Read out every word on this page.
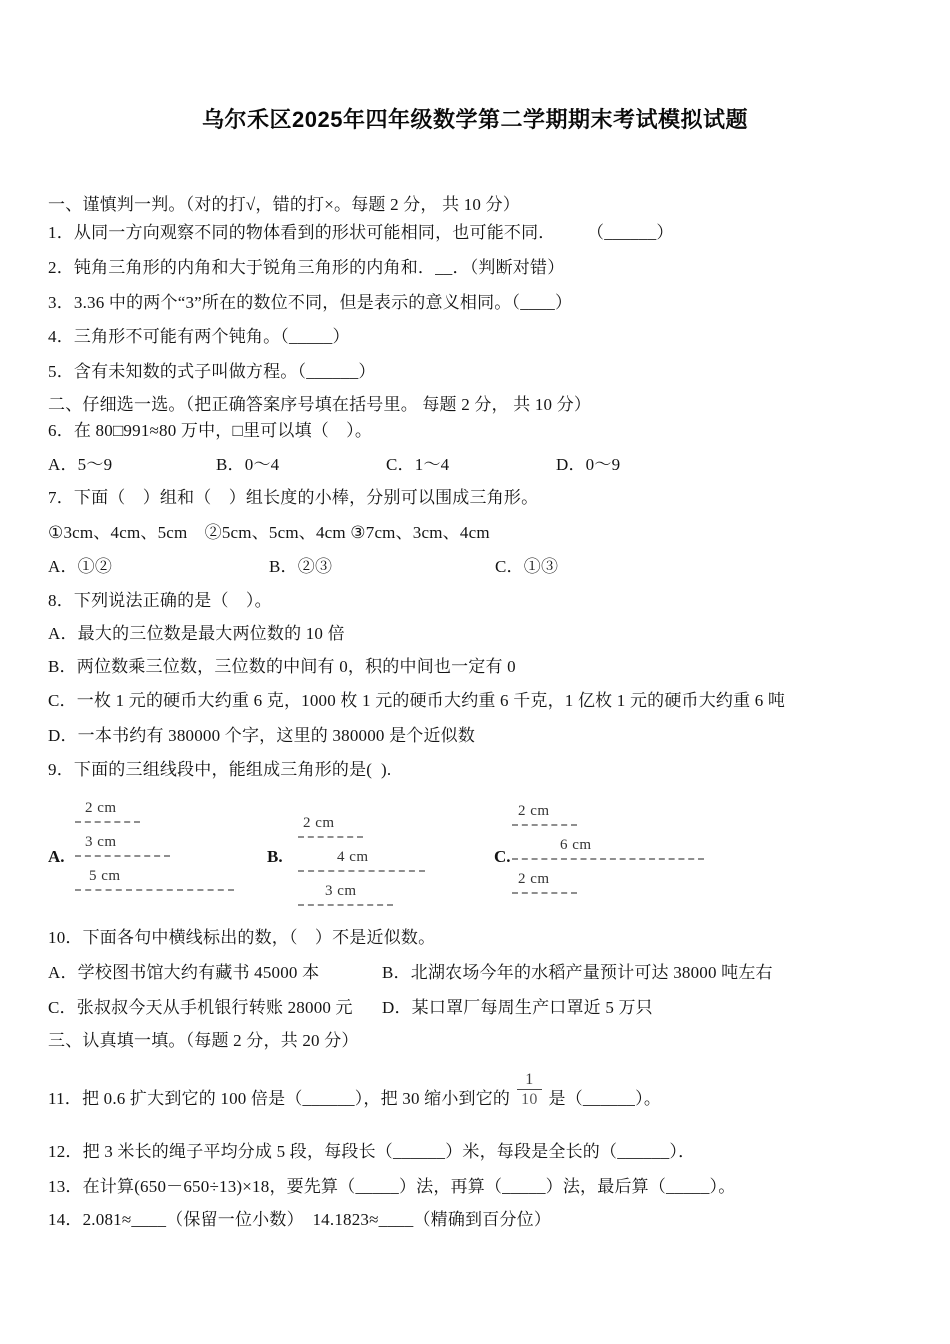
乌尔禾区2025年四年级数学第二学期期末考试模拟试题
一、谨慎判一判。（对的打√，错的打×。每题 2 分， 共 10 分）
1．从同一方向观察不同的物体看到的形状可能相同，也可能不同． （______）
2．钝角三角形的内角和大于锐角三角形的内角和．__．（判断对错）
3．3.36 中的两个“3”所在的数位不同，但是表示的意义相同。（____）
4．三角形不可能有两个钝角。（_____）
5．含有未知数的式子叫做方程。（______）
二、仔细选一选。（把正确答案序号填在括号里。 每题 2 分， 共 10 分）
6．在 80□991≈80 万中，□里可以填（　）。
A．5～9	B．0～4	C．1～4	D．0～9
7．下面（　）组和（　）组长度的小棒，分别可以围成三角形。
①3cm、4cm、5cm　②5cm、5cm、4cm ③7cm、3cm、4cm
A．①②	B．②③	C．①③
8．下列说法正确的是（　）。
A．最大的三位数是最大两位数的 10 倍
B．两位数乘三位数，三位数的中间有 0，积的中间也一定有 0
C．一枚 1 元的硬币大约重 6 克，1000 枚 1 元的硬币大约重 6 千克，1 亿枚 1 元的硬币大约重 6 吨
D．一本书约有 380000 个字，这里的 380000 是个近似数
9．下面的三组线段中，能组成三角形的是(  ).
A.
2 cm
3 cm
5 cm
B.
2 cm
4 cm
3 cm
C.
2 cm
6 cm
2 cm
10．下面各句中横线标出的数，（　）不是近似数。
A．学校图书馆大约有藏书 45000 本	B．北湖农场今年的水稻产量预计可达 38000 吨左右
C．张叔叔今天从手机银行转账 28000 元	D．某口罩厂每周生产口罩近 5 万只
三、认真填一填。（每题 2 分，共 20 分）
11．把 0.6 扩大到它的 100 倍是（______），把 30 缩小到它的 $\frac{1}{10}$ 是（______）。
12．把 3 米长的绳子平均分成 5 段，每段长（______）米，每段是全长的（______）．
13．在计算(650－650÷13)×18，要先算（_____）法，再算（_____）法，最后算（_____）。
14．2.081≈____（保留一位小数）　14.1823≈____（精确到百分位）
